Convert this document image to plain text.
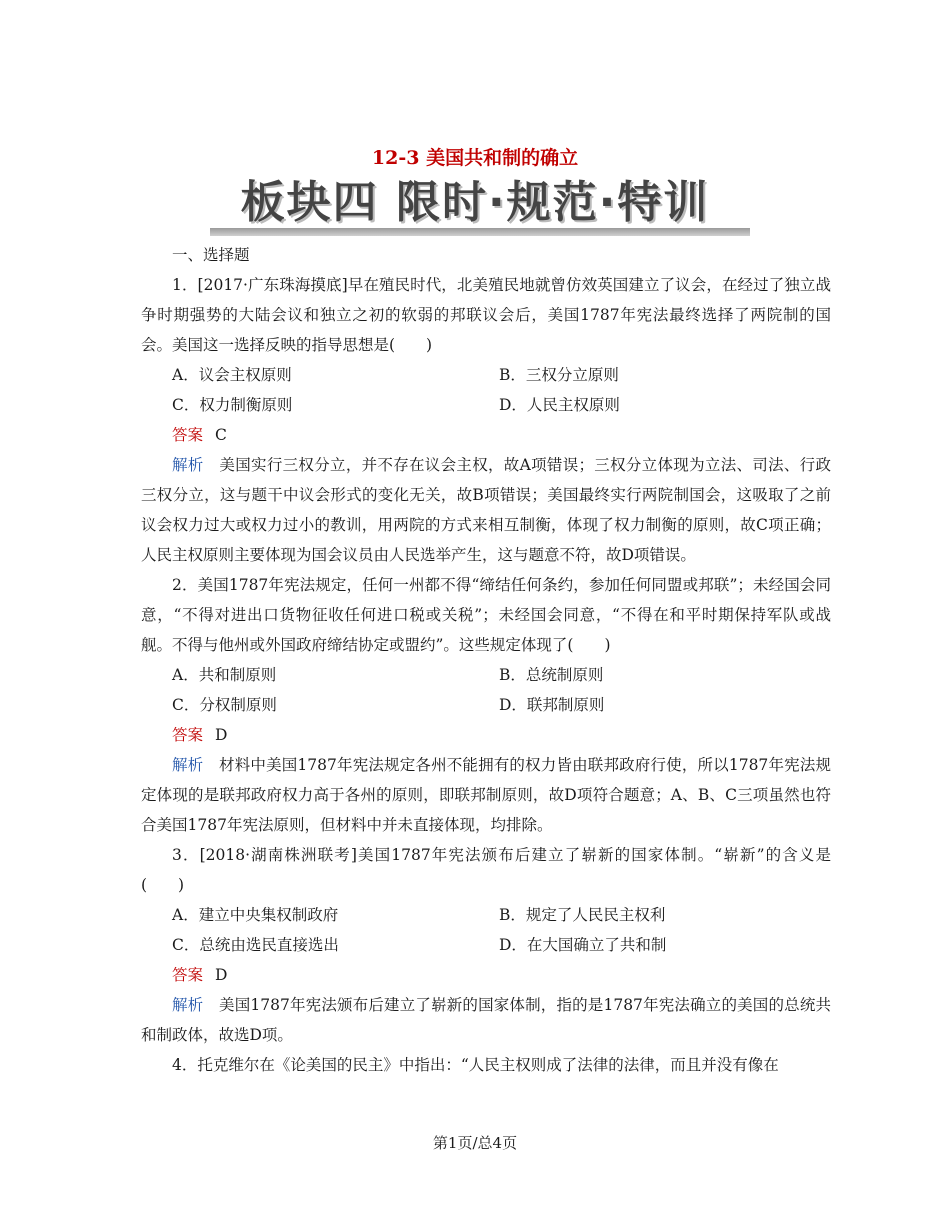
12-3 美国共和制的确立
板块四 限时·规范·特训
一、选择题
1．[2017·广东珠海摸底]早在殖民时代，北美殖民地就曾仿效英国建立了议会，在经过了独立战争时期强势的大陆会议和独立之初的软弱的邦联议会后，美国1787年宪法最终选择了两院制的国会。美国这一选择反映的指导思想是(　　)
A．议会主权原则	B．三权分立原则
C．权力制衡原则	D．人民主权原则
答案 C
解析　 美国实行三权分立，并不存在议会主权，故A项错误；三权分立体现为立法、司法、行政三权分立，这与题干中议会形式的变化无关，故B项错误；美国最终实行两院制国会，这吸取了之前议会权力过大或权力过小的教训，用两院的方式来相互制衡，体现了权力制衡的原则，故C项正确；人民主权原则主要体现为国会议员由人民选举产生，这与题意不符，故D项错误。
2．美国1787年宪法规定，任何一州都不得“缔结任何条约，参加任何同盟或邦联”；未经国会同意，“不得对进出口货物征收任何进口税或关税”；未经国会同意，“不得在和平时期保持军队或战舰。不得与他州或外国政府缔结协定或盟约”。这些规定体现了(　　)
A．共和制原则	B．总统制原则
C．分权制原则	D．联邦制原则
答案 D
解析　 材料中美国1787年宪法规定各州不能拥有的权力皆由联邦政府行使，所以1787年宪法规定体现的是联邦政府权力高于各州的原则，即联邦制原则，故D项符合题意；A、B、C三项虽然也符合美国1787年宪法原则，但材料中并未直接体现，均排除。
3．[2018·湖南株洲联考]美国1787年宪法颁布后建立了崭新的国家体制。“崭新”的含义是(　　)
A．建立中央集权制政府	B．规定了人民民主权利
C．总统由选民直接选出	D．在大国确立了共和制
答案 D
解析　 美国1787年宪法颁布后建立了崭新的国家体制，指的是1787年宪法确立的美国的总统共和制政体，故选D项。
4．托克维尔在《论美国的民主》中指出：“人民主权则成了法律的法律，而且并没有像在
第1页/总4页
